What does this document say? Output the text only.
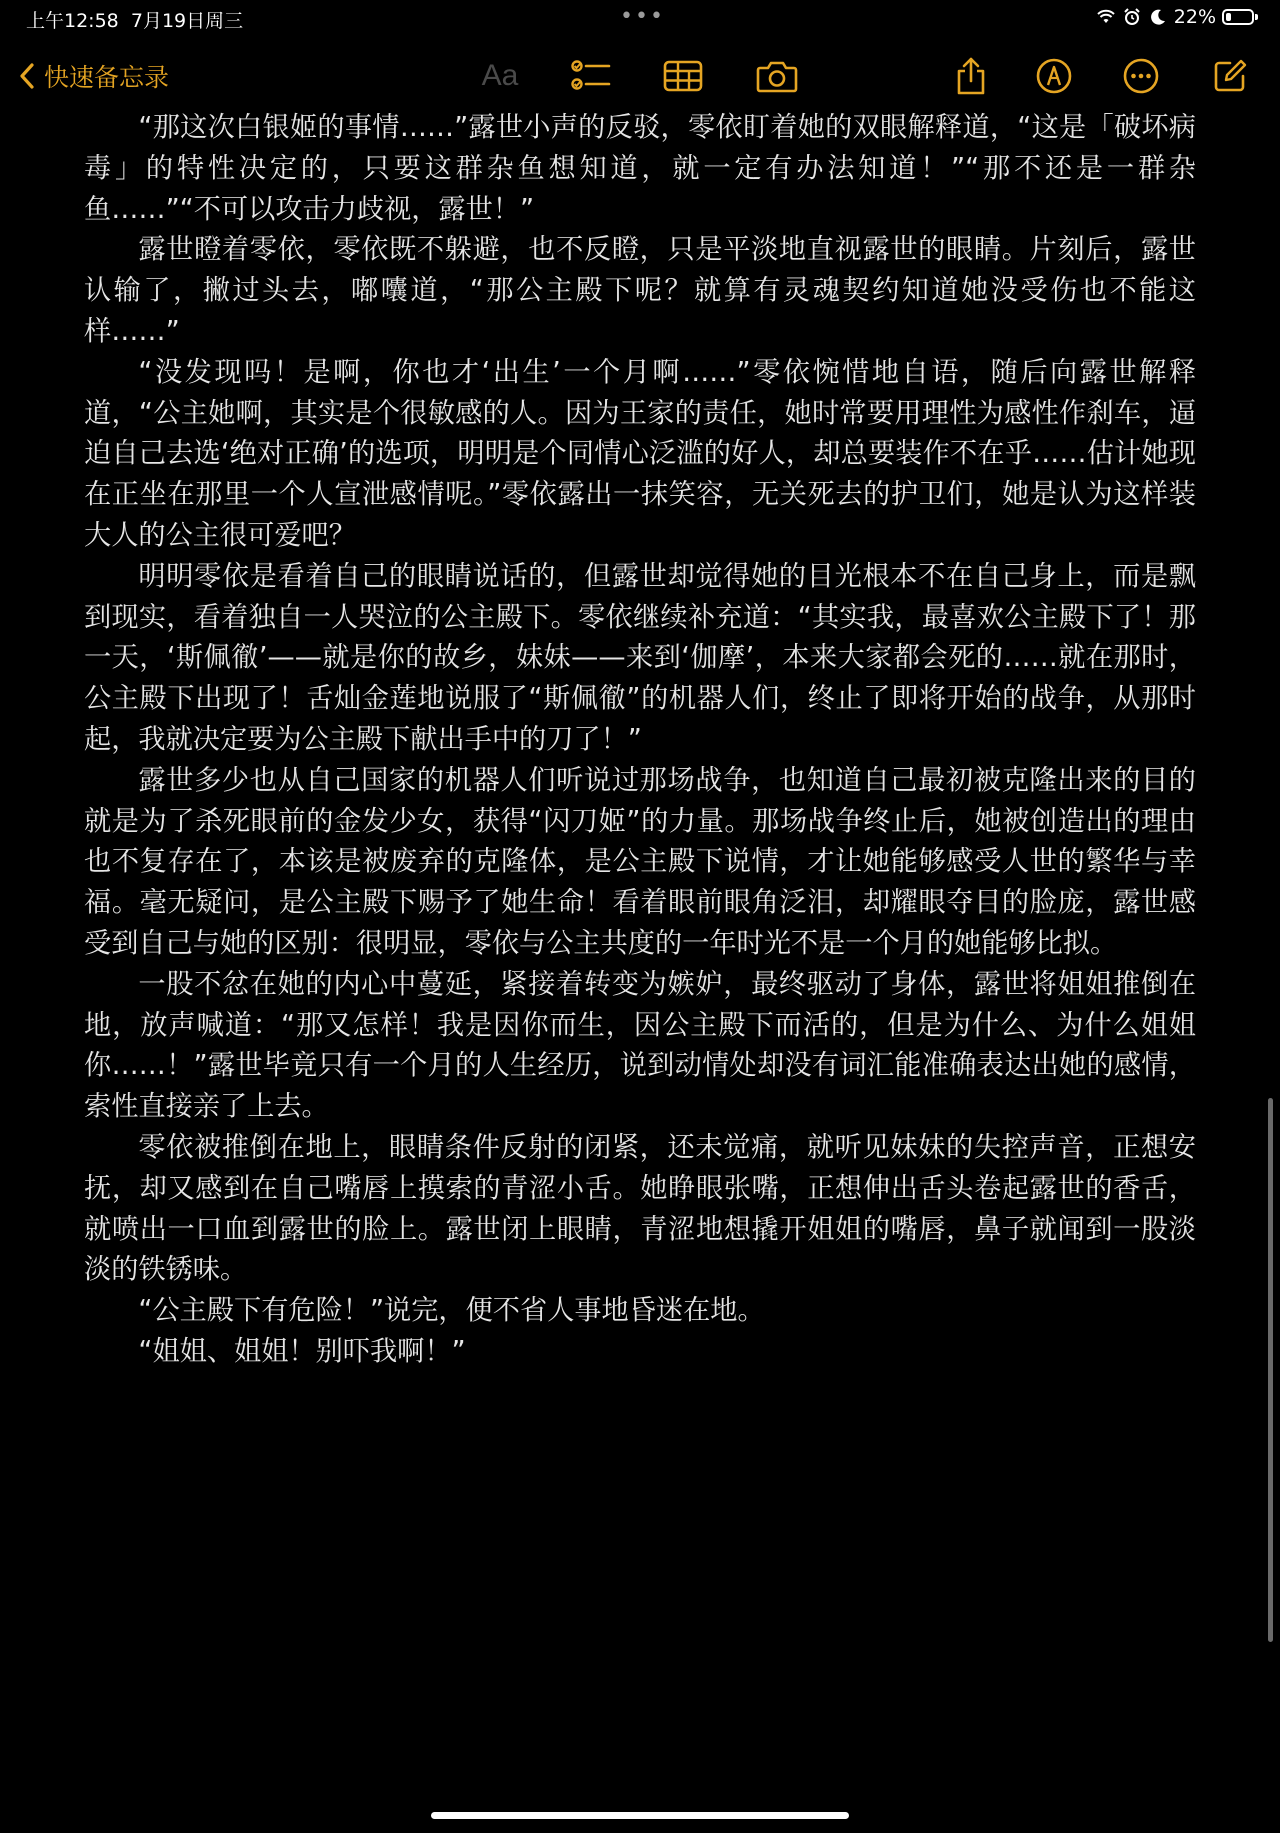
上午12:58 7月19日周三	•••	22%

快速备忘录	Aa

“那这次白银姬的事情……”露世小声的反驳，零依盯着她的双眼解释道，“这是「破坏病毒」的特性决定的，只要这群杂鱼想知道，就一定有办法知道！”“那不还是一群杂鱼……”“不可以攻击力歧视，露世！”

露世瞪着零依，零依既不躲避，也不反瞪，只是平淡地直视露世的眼睛。片刻后，露世认输了，撇过头去，嘟囔道，“那公主殿下呢？就算有灵魂契约知道她没受伤也不能这样……”

“没发现吗！是啊，你也才‘出生’一个月啊……”零依惋惜地自语，随后向露世解释道，“公主她啊，其实是个很敏感的人。因为王家的责任，她时常要用理性为感性作刹车，逼迫自己去选‘绝对正确’的选项，明明是个同情心泛滥的好人，却总要装作不在乎……估计她现在正坐在那里一个人宣泄感情呢。”零依露出一抹笑容，无关死去的护卫们，她是认为这样装大人的公主很可爱吧？

明明零依是看着自己的眼睛说话的，但露世却觉得她的目光根本不在自己身上，而是飘到现实，看着独自一人哭泣的公主殿下。零依继续补充道：“其实我，最喜欢公主殿下了！那一天，‘斯佩徹’——就是你的故乡，妹妹——来到‘伽摩’，本来大家都会死的……就在那时，公主殿下出现了！舌灿金莲地说服了“斯佩徹”的机器人们，终止了即将开始的战争，从那时起，我就决定要为公主殿下献出手中的刀了！”

露世多少也从自己国家的机器人们听说过那场战争，也知道自己最初被克隆出来的目的就是为了杀死眼前的金发少女，获得“闪刀姬”的力量。那场战争终止后，她被创造出的理由也不复存在了，本该是被废弃的克隆体，是公主殿下说情，才让她能够感受人世的繁华与幸福。毫无疑问，是公主殿下赐予了她生命！看着眼前眼角泛泪，却耀眼夺目的脸庞，露世感受到自己与她的区别：很明显，零依与公主共度的一年时光不是一个月的她能够比拟。

一股不忿在她的内心中蔓延，紧接着转变为嫉妒，最终驱动了身体，露世将姐姐推倒在地，放声喊道：“那又怎样！我是因你而生，因公主殿下而活的，但是为什么、为什么姐姐你……！”露世毕竟只有一个月的人生经历，说到动情处却没有词汇能准确表达出她的感情，索性直接亲了上去。

零依被推倒在地上，眼睛条件反射的闭紧，还未觉痛，就听见妹妹的失控声音，正想安抚，却又感到在自己嘴唇上摸索的青涩小舌。她睁眼张嘴，正想伸出舌头卷起露世的香舌，就喷出一口血到露世的脸上。露世闭上眼睛，青涩地想撬开姐姐的嘴唇，鼻子就闻到一股淡淡的铁锈味。

“公主殿下有危险！”说完，便不省人事地昏迷在地。

“姐姐、姐姐！别吓我啊！”
